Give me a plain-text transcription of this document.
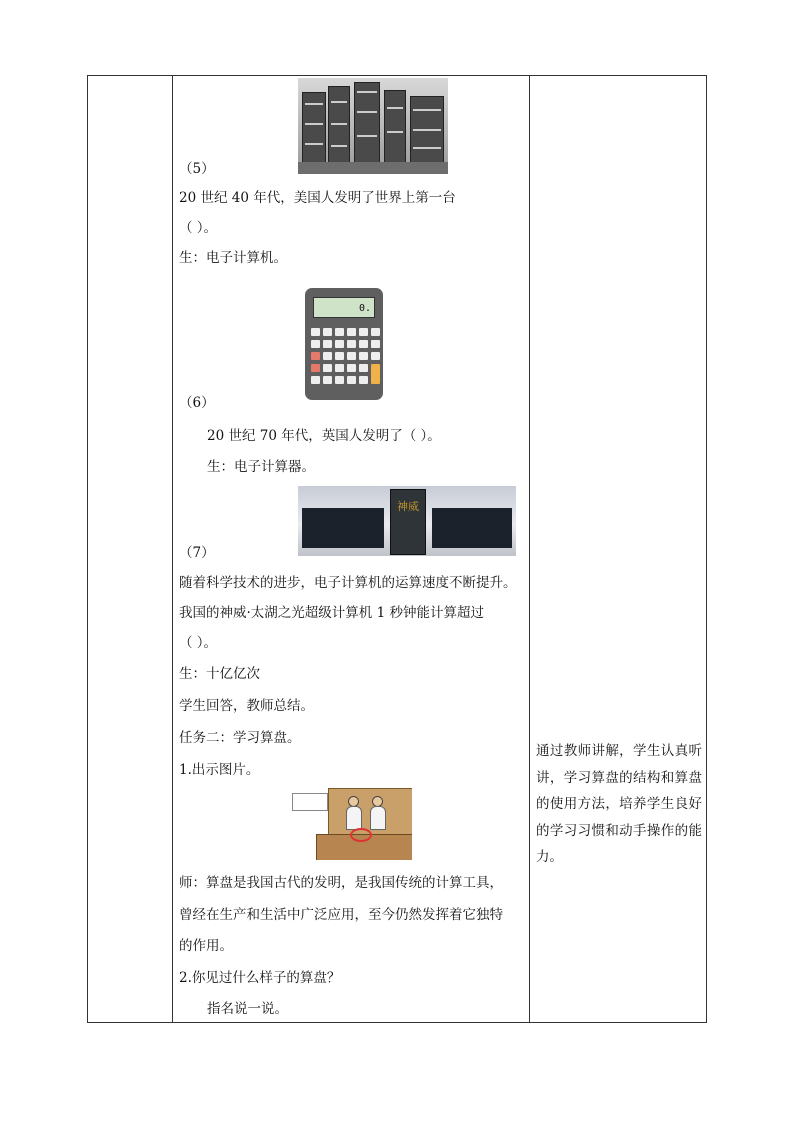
（5）
20 世纪 40 年代，美国人发明了世界上第一台
（ ）。
生：电子计算机。
0.
（6）
20 世纪 70 年代，英国人发明了（ ）。
生：电子计算器。
神威
（7）
随着科学技术的进步，电子计算机的运算速度不断提升。
我国的神威·太湖之光超级计算机 1 秒钟能计算超过
（ ）。
生：十亿亿次
学生回答，教师总结。
任务二：学习算盘。
1.出示图片。
师：算盘是我国古代的发明，是我国传统的计算工具，
曾经在生产和生活中广泛应用，至今仍然发挥着它独特
的作用。
2.你见过什么样子的算盘？
指名说一说。
通过教师讲解，学生认真听讲，学习算盘的结构和算盘的使用方法，培养学生良好的学习习惯和动手操作的能力。
